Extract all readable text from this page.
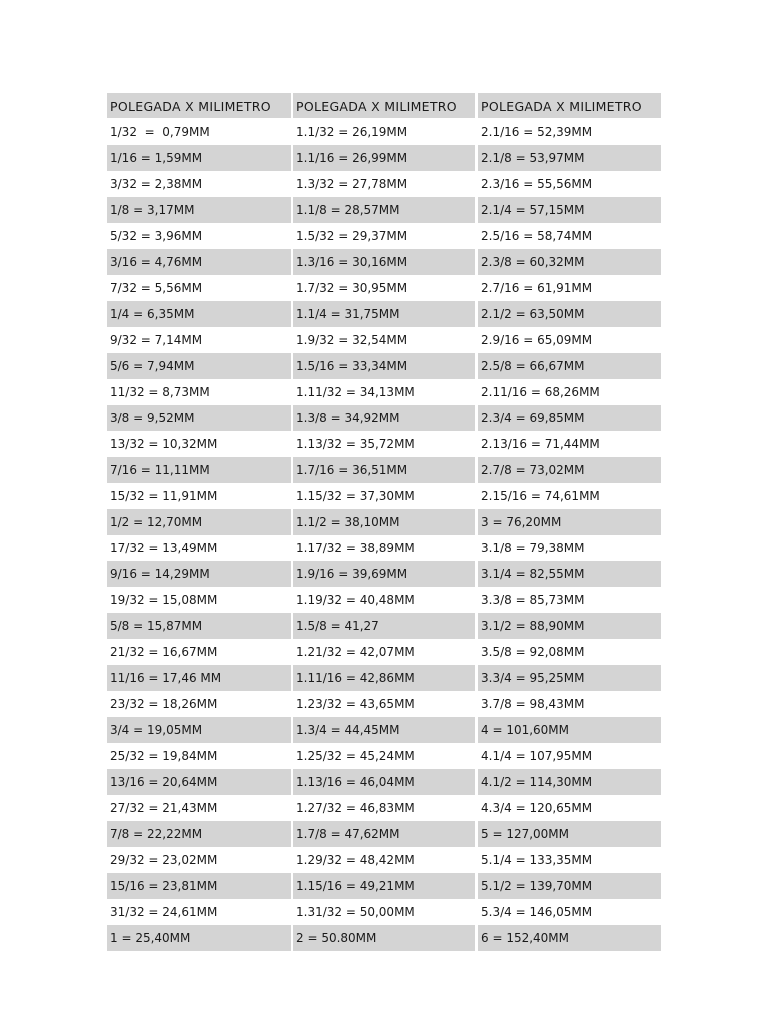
POLEGADA X MILIMETRO	POLEGADA X MILIMETRO	POLEGADA X MILIMETRO
1/32  =  0,79MM	1.1/32 = 26,19MM	2.1/16 = 52,39MM
1/16 = 1,59MM	1.1/16 = 26,99MM	2.1/8 = 53,97MM
3/32 = 2,38MM	1.3/32 = 27,78MM	2.3/16 = 55,56MM
1/8 = 3,17MM	1.1/8 = 28,57MM	2.1/4 = 57,15MM
5/32 = 3,96MM	1.5/32 = 29,37MM	2.5/16 = 58,74MM
3/16 = 4,76MM	1.3/16 = 30,16MM	2.3/8 = 60,32MM
7/32 = 5,56MM	1.7/32 = 30,95MM	2.7/16 = 61,91MM
1/4 = 6,35MM	1.1/4 = 31,75MM	2.1/2 = 63,50MM
9/32 = 7,14MM	1.9/32 = 32,54MM	2.9/16 = 65,09MM
5/6 = 7,94MM	1.5/16 = 33,34MM	2.5/8 = 66,67MM
11/32 = 8,73MM	1.11/32 = 34,13MM	2.11/16 = 68,26MM
3/8 = 9,52MM	1.3/8 = 34,92MM	2.3/4 = 69,85MM
13/32 = 10,32MM	1.13/32 = 35,72MM	2.13/16 = 71,44MM
7/16 = 11,11MM	1.7/16 = 36,51MM	2.7/8 = 73,02MM
15/32 = 11,91MM	1.15/32 = 37,30MM	2.15/16 = 74,61MM
1/2 = 12,70MM	1.1/2 = 38,10MM	3 = 76,20MM
17/32 = 13,49MM	1.17/32 = 38,89MM	3.1/8 = 79,38MM
9/16 = 14,29MM	1.9/16 = 39,69MM	3.1/4 = 82,55MM
19/32 = 15,08MM	1.19/32 = 40,48MM	3.3/8 = 85,73MM
5/8 = 15,87MM	1.5/8 = 41,27	3.1/2 = 88,90MM
21/32 = 16,67MM	1.21/32 = 42,07MM	3.5/8 = 92,08MM
11/16 = 17,46 MM	1.11/16 = 42,86MM	3.3/4 = 95,25MM
23/32 = 18,26MM	1.23/32 = 43,65MM	3.7/8 = 98,43MM
3/4 = 19,05MM	1.3/4 = 44,45MM	4 = 101,60MM
25/32 = 19,84MM	1.25/32 = 45,24MM	4.1/4 = 107,95MM
13/16 = 20,64MM	1.13/16 = 46,04MM	4.1/2 = 114,30MM
27/32 = 21,43MM	1.27/32 = 46,83MM	4.3/4 = 120,65MM
7/8 = 22,22MM	1.7/8 = 47,62MM	5 = 127,00MM
29/32 = 23,02MM	1.29/32 = 48,42MM	5.1/4 = 133,35MM
15/16 = 23,81MM	1.15/16 = 49,21MM	5.1/2 = 139,70MM
31/32 = 24,61MM	1.31/32 = 50,00MM	5.3/4 = 146,05MM
1 = 25,40MM	2 = 50.80MM	6 = 152,40MM
